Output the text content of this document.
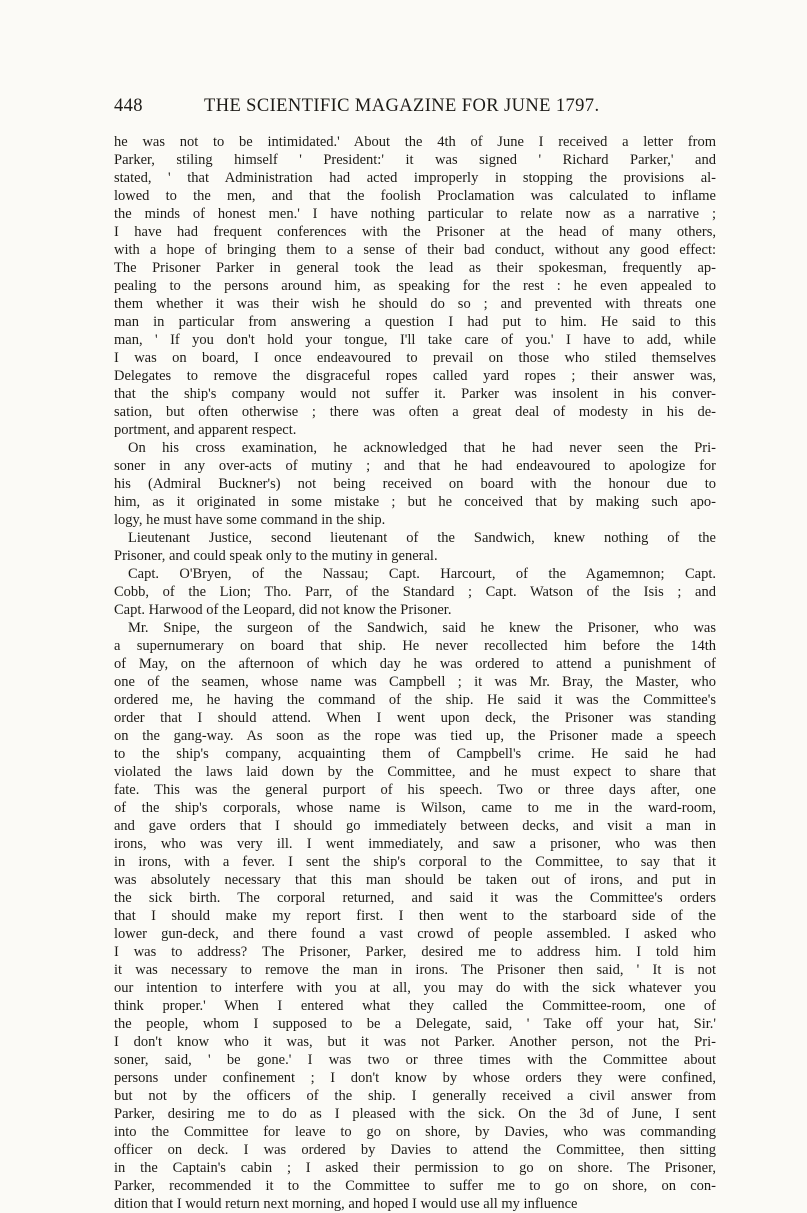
448	THE SCIENTIFIC MAGAZINE FOR JUNE 1797.
he was not to be intimidated.' About the 4th of June I received a letter from
Parker, stiling himself ' President:' it was signed ' Richard Parker,' and
stated, ' that Administration had acted improperly in stopping the provisions al-
lowed to the men, and that the foolish Proclamation was calculated to inflame
the minds of honest men.' I have nothing particular to relate now as a narrative ;
I have had frequent conferences with the Prisoner at the head of many others,
with a hope of bringing them to a sense of their bad conduct, without any good effect:
The Prisoner Parker in general took the lead as their spokesman, frequently ap-
pealing to the persons around him, as speaking for the rest : he even appealed to
them whether it was their wish he should do so ; and prevented with threats one
man in particular from answering a question I had put to him. He said to this
man, ' If you don't hold your tongue, I'll take care of you.' I have to add, while
I was on board, I once endeavoured to prevail on those who stiled themselves
Delegates to remove the disgraceful ropes called yard ropes ; their answer was,
that the ship's company would not suffer it. Parker was insolent in his conver-
sation, but often otherwise ; there was often a great deal of modesty in his de-
portment, and apparent respect.
On his cross examination, he acknowledged that he had never seen the Pri-
soner in any over-acts of mutiny ; and that he had endeavoured to apologize for
his (Admiral Buckner's) not being received on board with the honour due to
him, as it originated in some mistake ; but he conceived that by making such apo-
logy, he must have some command in the ship.
Lieutenant Justice, second lieutenant of the Sandwich, knew nothing of the
Prisoner, and could speak only to the mutiny in general.
Capt. O'Bryen, of the Nassau; Capt. Harcourt, of the Agamemnon; Capt.
Cobb, of the Lion; Tho. Parr, of the Standard ; Capt. Watson of the Isis ; and
Capt. Harwood of the Leopard, did not know the Prisoner.
Mr. Snipe, the surgeon of the Sandwich, said he knew the Prisoner, who was
a supernumerary on board that ship. He never recollected him before the 14th
of May, on the afternoon of which day he was ordered to attend a punishment of
one of the seamen, whose name was Campbell ; it was Mr. Bray, the Master, who
ordered me, he having the command of the ship. He said it was the Committee's
order that I should attend. When I went upon deck, the Prisoner was standing
on the gang-way. As soon as the rope was tied up, the Prisoner made a speech
to the ship's company, acquainting them of Campbell's crime. He said he had
violated the laws laid down by the Committee, and he must expect to share that
fate. This was the general purport of his speech. Two or three days after, one
of the ship's corporals, whose name is Wilson, came to me in the ward-room,
and gave orders that I should go immediately between decks, and visit a man in
irons, who was very ill. I went immediately, and saw a prisoner, who was then
in irons, with a fever. I sent the ship's corporal to the Committee, to say that it
was absolutely necessary that this man should be taken out of irons, and put in
the sick birth. The corporal returned, and said it was the Committee's orders
that I should make my report first. I then went to the starboard side of the
lower gun-deck, and there found a vast crowd of people assembled. I asked who
I was to address? The Prisoner, Parker, desired me to address him. I told him
it was necessary to remove the man in irons. The Prisoner then said, ' It is not
our intention to interfere with you at all, you may do with the sick whatever you
think proper.' When I entered what they called the Committee-room, one of
the people, whom I supposed to be a Delegate, said, ' Take off your hat, Sir.'
I don't know who it was, but it was not Parker. Another person, not the Pri-
soner, said, ' be gone.' I was two or three times with the Committee about
persons under confinement ; I don't know by whose orders they were confined,
but not by the officers of the ship. I generally received a civil answer from
Parker, desiring me to do as I pleased with the sick. On the 3d of June, I sent
into the Committee for leave to go on shore, by Davies, who was commanding
officer on deck. I was ordered by Davies to attend the Committee, then sitting
in the Captain's cabin ; I asked their permission to go on shore. The Prisoner,
Parker, recommended it to the Committee to suffer me to go on shore, on con-
dition that I would return next morning, and hoped I would use all my influence
